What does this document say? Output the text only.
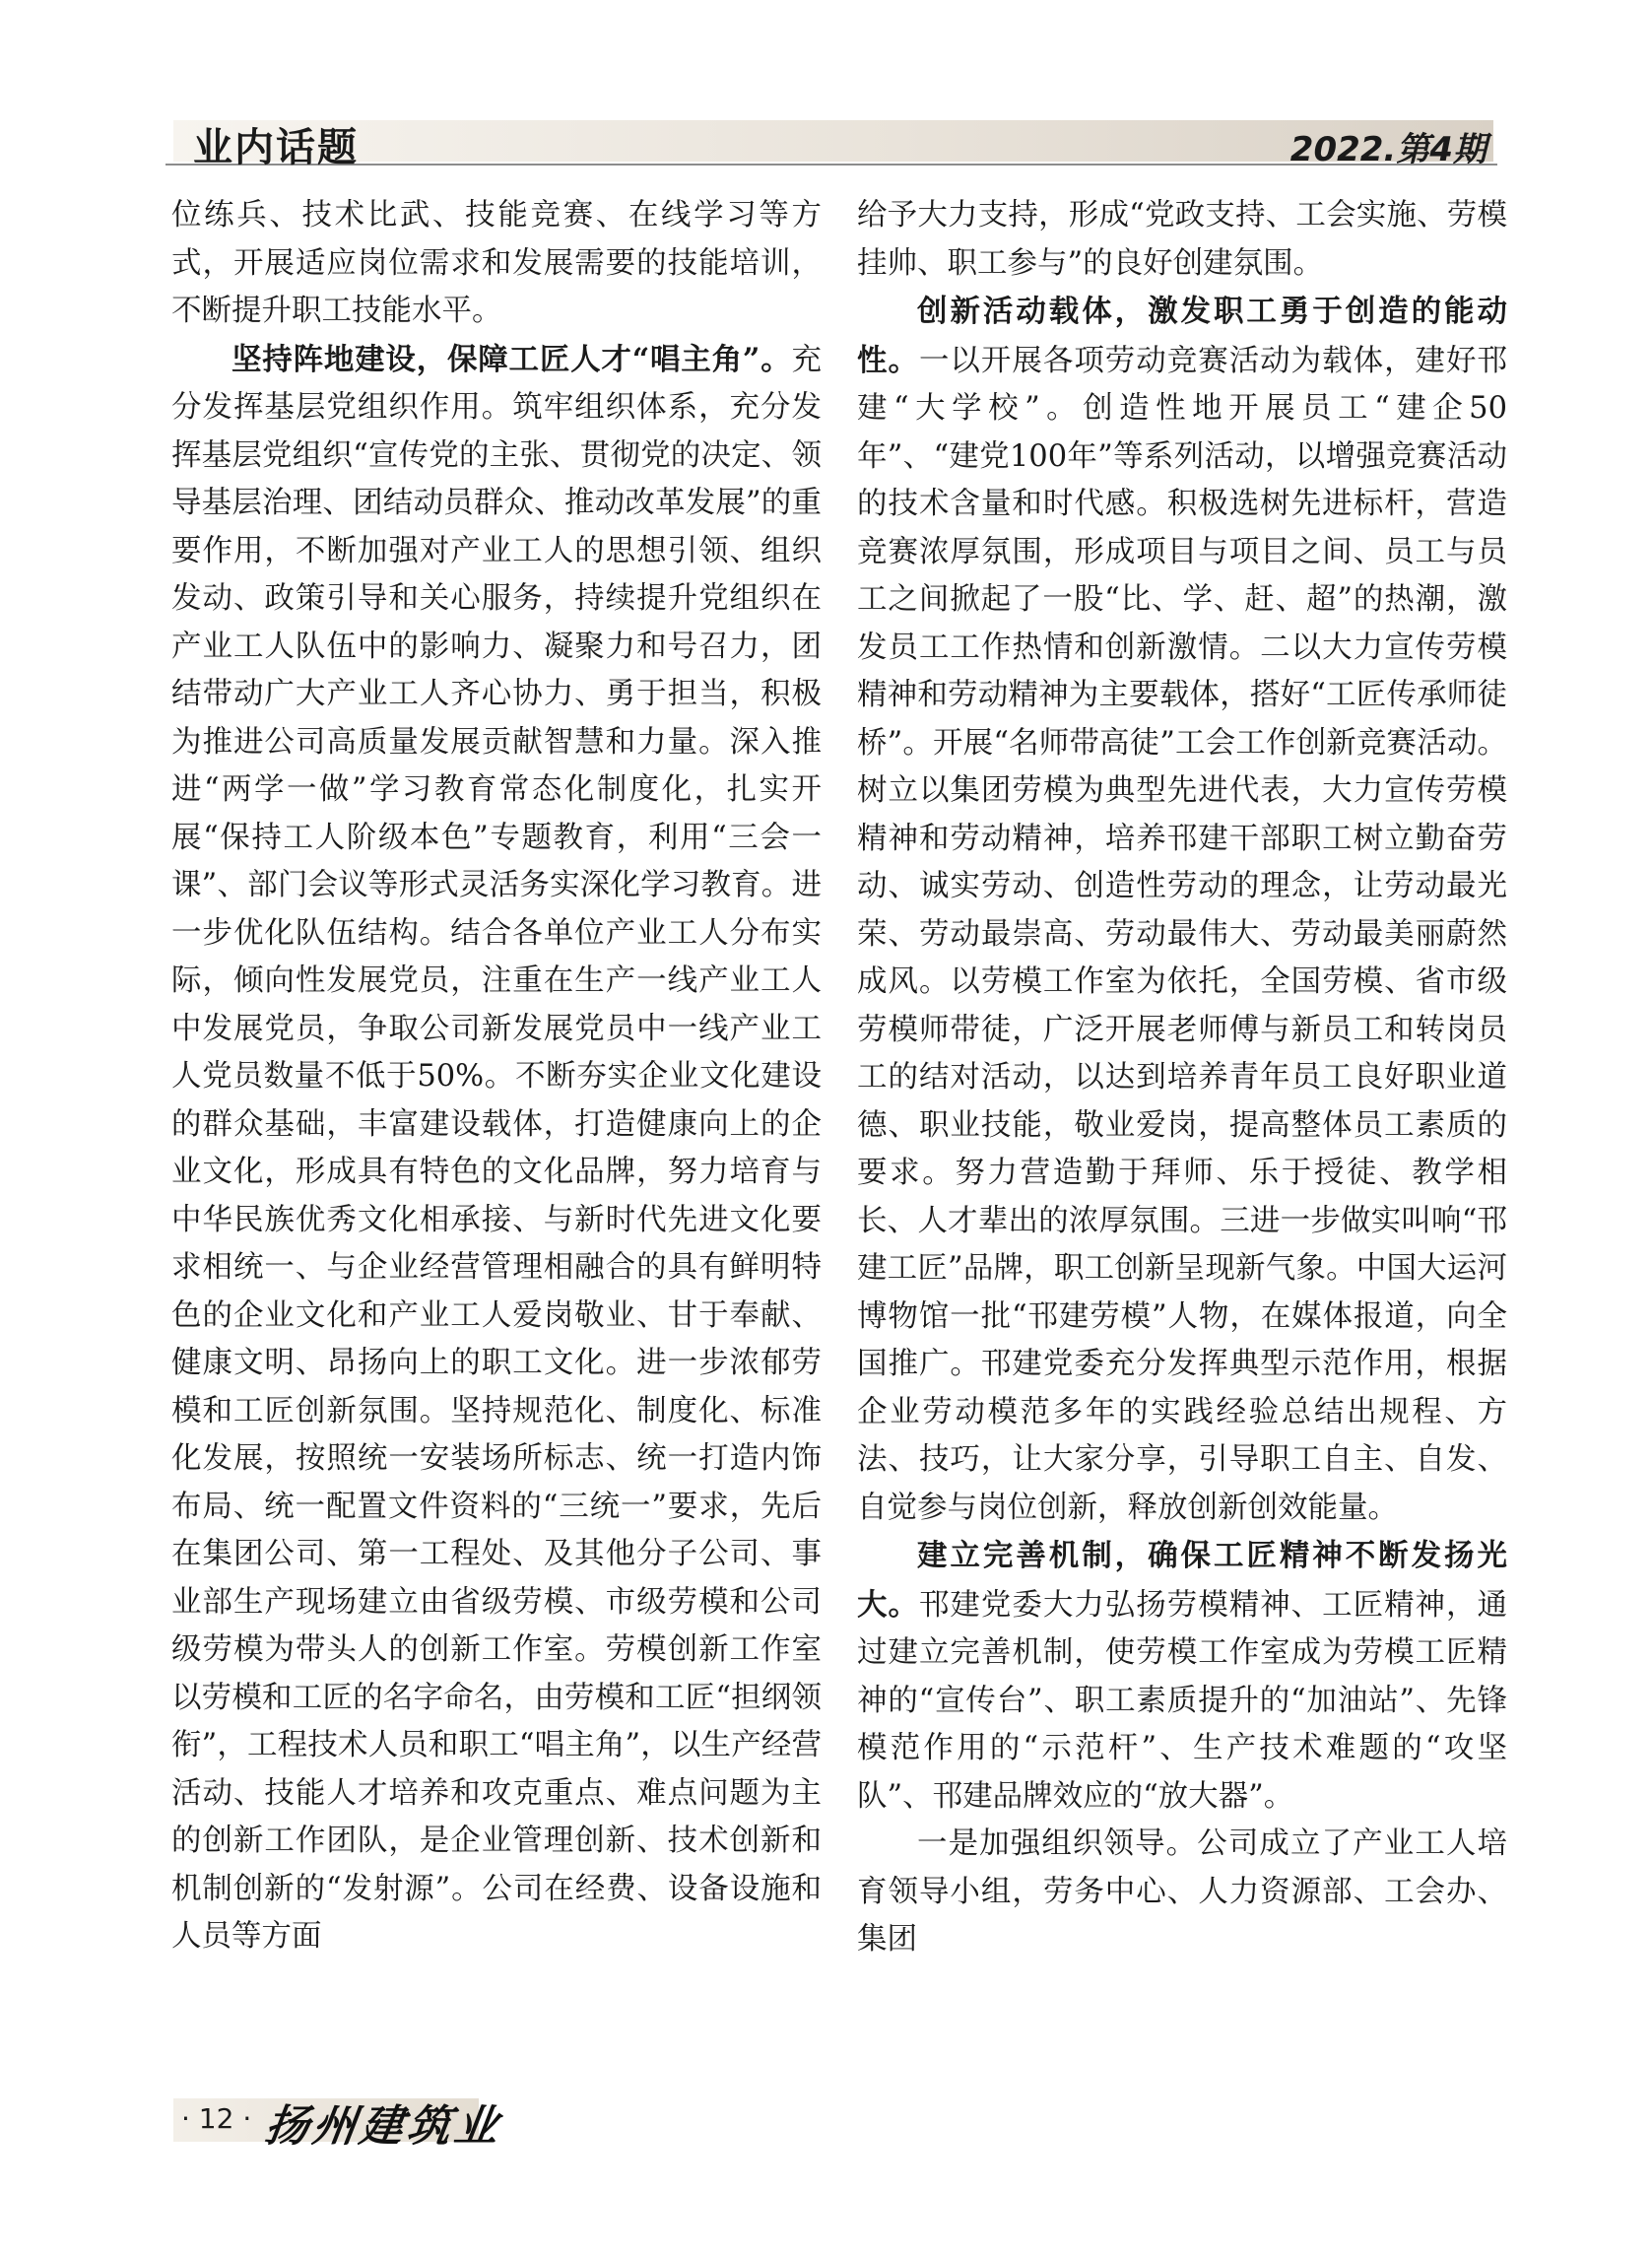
业内话题	2022.第4期

位练兵、技术比武、技能竞赛、在线学习等方式，开展适应岗位需求和发展需要的技能培训，不断提升职工技能水平。

坚持阵地建设，保障工匠人才“唱主角”。充分发挥基层党组织作用。筑牢组织体系，充分发挥基层党组织“宣传党的主张、贯彻党的决定、领导基层治理、团结动员群众、推动改革发展”的重要作用，不断加强对产业工人的思想引领、组织发动、政策引导和关心服务，持续提升党组织在产业工人队伍中的影响力、凝聚力和号召力，团结带动广大产业工人齐心协力、勇于担当，积极为推进公司高质量发展贡献智慧和力量。深入推进“两学一做”学习教育常态化制度化，扎实开展“保持工人阶级本色”专题教育，利用“三会一课”、部门会议等形式灵活务实深化学习教育。进一步优化队伍结构。结合各单位产业工人分布实际，倾向性发展党员，注重在生产一线产业工人中发展党员，争取公司新发展党员中一线产业工人党员数量不低于50%。不断夯实企业文化建设的群众基础，丰富建设载体，打造健康向上的企业文化，形成具有特色的文化品牌，努力培育与中华民族优秀文化相承接、与新时代先进文化要求相统一、与企业经营管理相融合的具有鲜明特色的企业文化和产业工人爱岗敬业、甘于奉献、健康文明、昂扬向上的职工文化。进一步浓郁劳模和工匠创新氛围。坚持规范化、制度化、标准化发展，按照统一安装场所标志、统一打造内饰布局、统一配置文件资料的“三统一”要求，先后在集团公司、第一工程处、及其他分子公司、事业部生产现场建立由省级劳模、市级劳模和公司级劳模为带头人的创新工作室。劳模创新工作室以劳模和工匠的名字命名，由劳模和工匠“担纲领衔”，工程技术人员和职工“唱主角”，以生产经营活动、技能人才培养和攻克重点、难点问题为主的创新工作团队，是企业管理创新、技术创新和机制创新的“发射源”。公司在经费、设备设施和人员等方面

给予大力支持，形成“党政支持、工会实施、劳模挂帅、职工参与”的良好创建氛围。

创新活动载体，激发职工勇于创造的能动性。一以开展各项劳动竞赛活动为载体，建好邗建“大学校”。创造性地开展员工“建企50年”、“建党100年”等系列活动，以增强竞赛活动的技术含量和时代感。积极选树先进标杆，营造竞赛浓厚氛围，形成项目与项目之间、员工与员工之间掀起了一股“比、学、赶、超”的热潮，激发员工工作热情和创新激情。二以大力宣传劳模精神和劳动精神为主要载体，搭好“工匠传承师徒桥”。开展“名师带高徒”工会工作创新竞赛活动。树立以集团劳模为典型先进代表，大力宣传劳模精神和劳动精神，培养邗建干部职工树立勤奋劳动、诚实劳动、创造性劳动的理念，让劳动最光荣、劳动最崇高、劳动最伟大、劳动最美丽蔚然成风。以劳模工作室为依托，全国劳模、省市级劳模师带徒，广泛开展老师傅与新员工和转岗员工的结对活动，以达到培养青年员工良好职业道德、职业技能，敬业爱岗，提高整体员工素质的要求。努力营造勤于拜师、乐于授徒、教学相长、人才辈出的浓厚氛围。三进一步做实叫响“邗建工匠”品牌，职工创新呈现新气象。中国大运河博物馆一批“邗建劳模”人物，在媒体报道，向全国推广。邗建党委充分发挥典型示范作用，根据企业劳动模范多年的实践经验总结出规程、方法、技巧，让大家分享，引导职工自主、自发、自觉参与岗位创新，释放创新创效能量。

建立完善机制，确保工匠精神不断发扬光大。邗建党委大力弘扬劳模精神、工匠精神，通过建立完善机制，使劳模工作室成为劳模工匠精神的“宣传台”、职工素质提升的“加油站”、先锋模范作用的“示范杆”、生产技术难题的“攻坚队”、邗建品牌效应的“放大器”。

一是加强组织领导。公司成立了产业工人培育领导小组，劳务中心、人力资源部、工会办、集团

· 12 · 扬州建筑业
